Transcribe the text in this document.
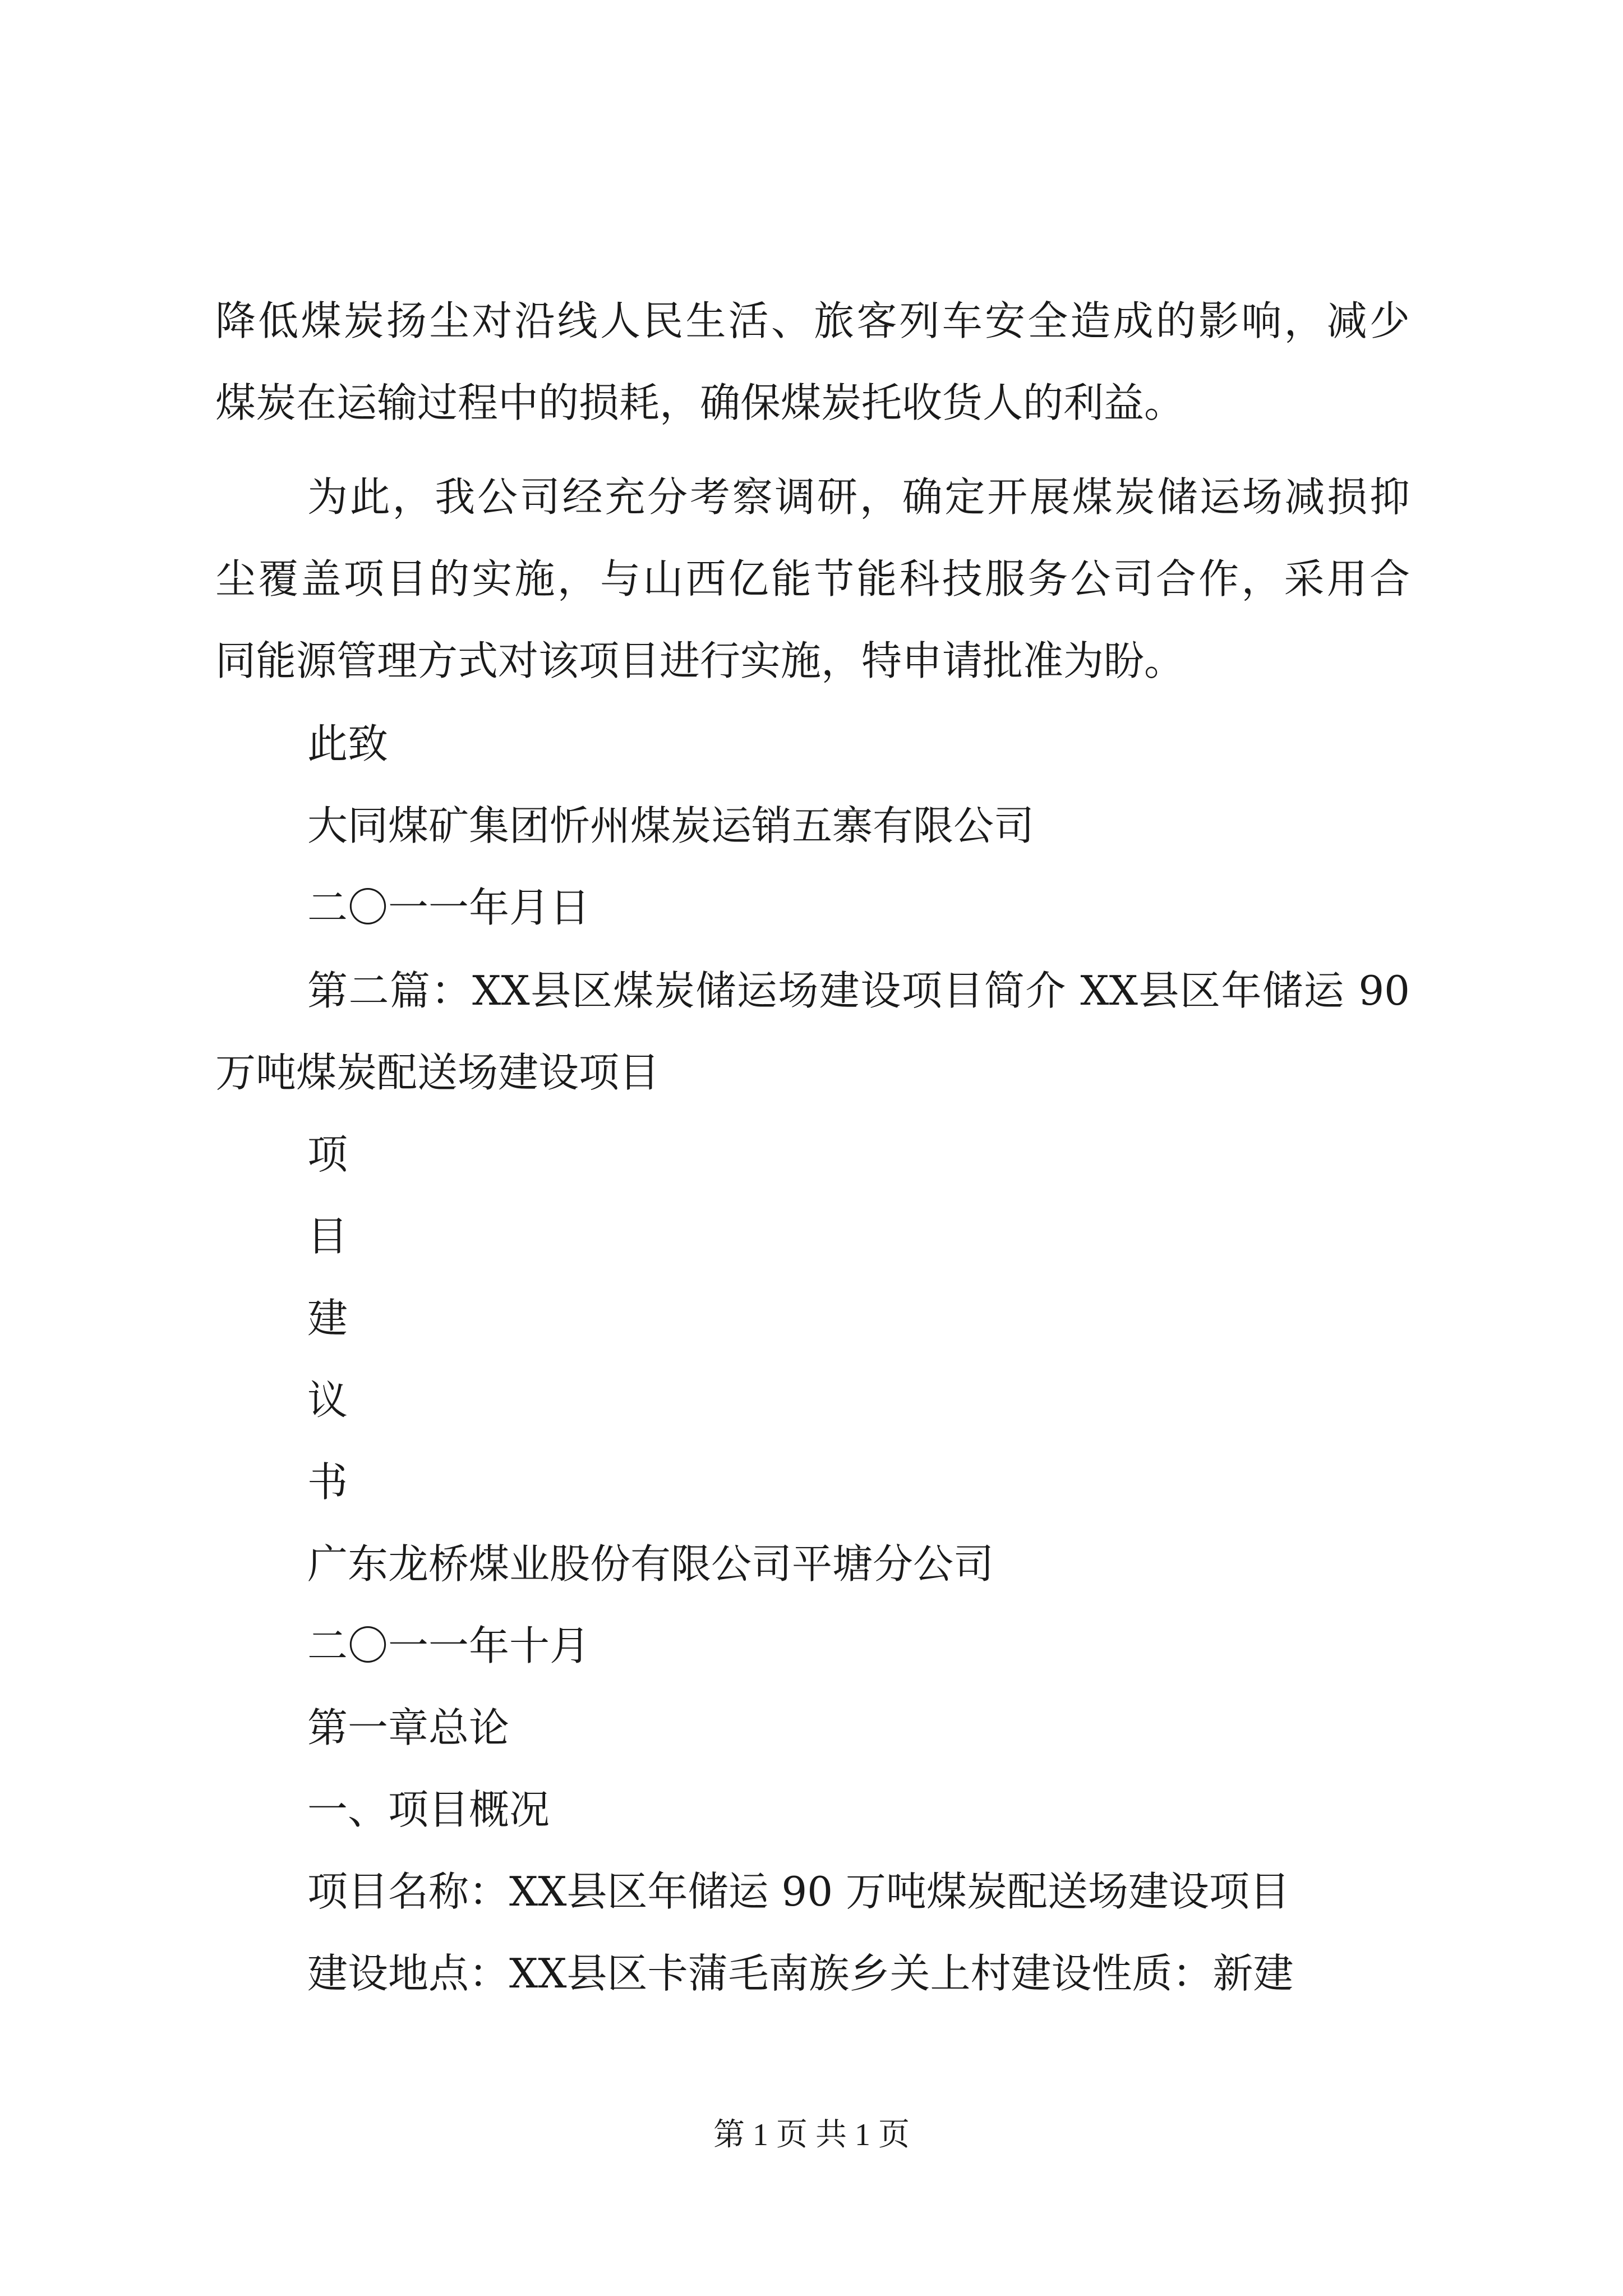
降低煤炭扬尘对沿线人民生活、旅客列车安全造成的影响，减少
煤炭在运输过程中的损耗，确保煤炭托收货人的利益。
为此，我公司经充分考察调研，确定开展煤炭储运场减损抑
尘覆盖项目的实施，与山西亿能节能科技服务公司合作，采用合
同能源管理方式对该项目进行实施，特申请批准为盼。
此致
大同煤矿集团忻州煤炭运销五寨有限公司
二〇一一年月日
第二篇：XX县区煤炭储运场建设项目简介 XX县区年储运 90
万吨煤炭配送场建设项目
项
目
建
议
书
广东龙桥煤业股份有限公司平塘分公司
二〇一一年十月
第一章总论
一、项目概况
项目名称：XX县区年储运 90 万吨煤炭配送场建设项目
建设地点：XX县区卡蒲毛南族乡关上村建设性质：新建
第 1 页 共 1 页
